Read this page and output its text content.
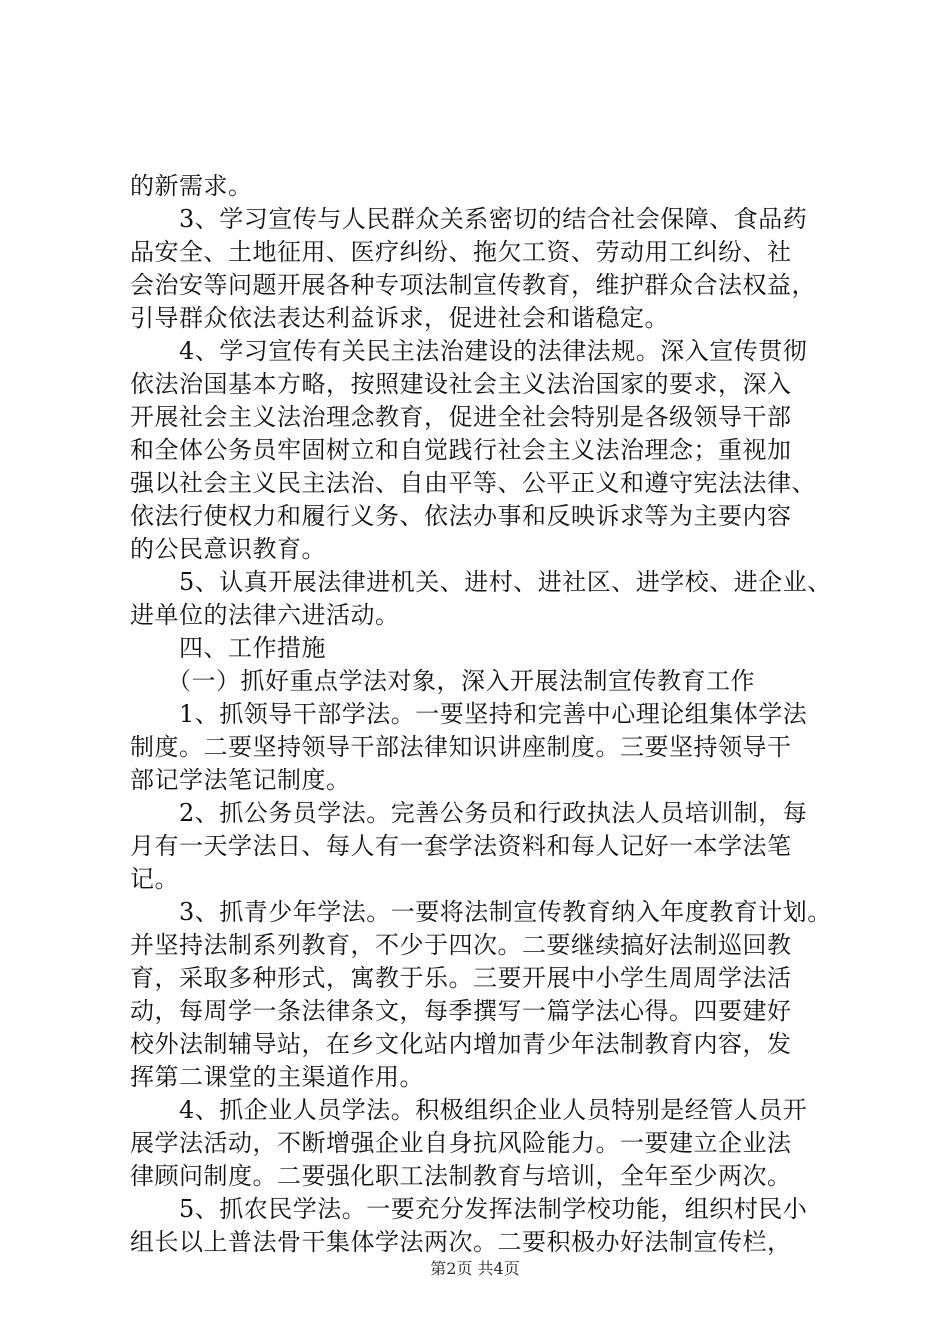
的新需求。
　　3、学习宣传与人民群众关系密切的结合社会保障、食品药
品安全、土地征用、医疗纠纷、拖欠工资、劳动用工纠纷、社
会治安等问题开展各种专项法制宣传教育，维护群众合法权益，
引导群众依法表达利益诉求，促进社会和谐稳定。
　　4、学习宣传有关民主法治建设的法律法规。深入宣传贯彻
依法治国基本方略，按照建设社会主义法治国家的要求，深入
开展社会主义法治理念教育，促进全社会特别是各级领导干部
和全体公务员牢固树立和自觉践行社会主义法治理念；重视加
强以社会主义民主法治、自由平等、公平正义和遵守宪法法律、
依法行使权力和履行义务、依法办事和反映诉求等为主要内容
的公民意识教育。
　　5、认真开展法律进机关、进村、进社区、进学校、进企业、
进单位的法律六进活动。
　　四、工作措施
　　（一）抓好重点学法对象，深入开展法制宣传教育工作
　　1、抓领导干部学法。一要坚持和完善中心理论组集体学法
制度。二要坚持领导干部法律知识讲座制度。三要坚持领导干
部记学法笔记制度。
　　2、抓公务员学法。完善公务员和行政执法人员培训制，每
月有一天学法日、每人有一套学法资料和每人记好一本学法笔
记。
　　3、抓青少年学法。一要将法制宣传教育纳入年度教育计划。
并坚持法制系列教育，不少于四次。二要继续搞好法制巡回教
育，采取多种形式，寓教于乐。三要开展中小学生周周学法活
动，每周学一条法律条文，每季撰写一篇学法心得。四要建好
校外法制辅导站，在乡文化站内增加青少年法制教育内容，发
挥第二课堂的主渠道作用。
　　4、抓企业人员学法。积极组织企业人员特别是经管人员开
展学法活动，不断增强企业自身抗风险能力。一要建立企业法
律顾问制度。二要强化职工法制教育与培训，全年至少两次。
　　5、抓农民学法。一要充分发挥法制学校功能，组织村民小
组长以上普法骨干集体学法两次。二要积极办好法制宣传栏，
第2页 共4页
